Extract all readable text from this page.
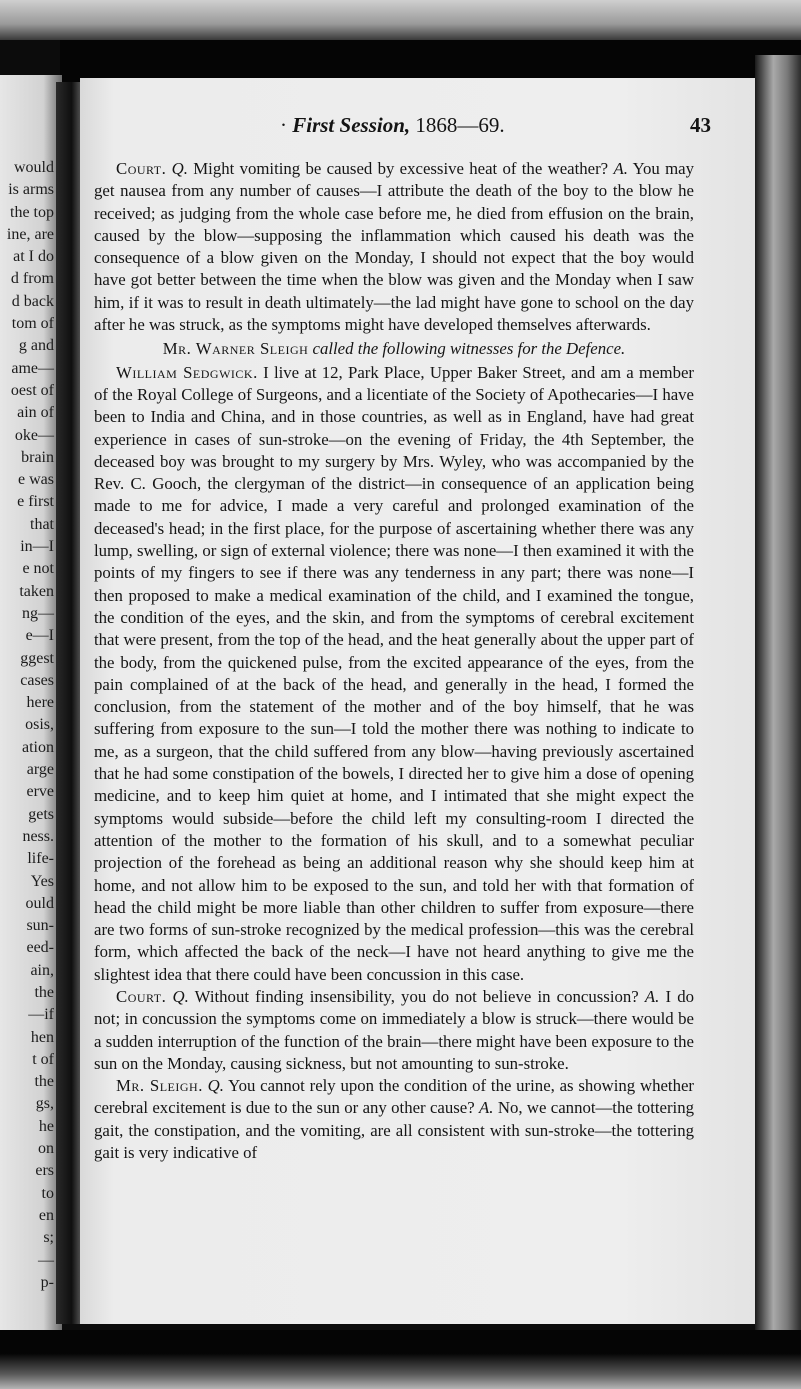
would
is arms
the top
ine, are
at I do
d from
d back
tom of
g and
ame—
oest of
ain of
oke—
brain
e was
e first
that
in—I
e not
taken
ng—
e—I
ggest
cases
here
osis,
ation
arge
erve
gets
ness.
life-
Yes
ould
sun-
eed-
ain,
the
—if
hen
t of
the
gs,
he
on
ers
to
en
s;
—
p-
· First Session, 1868—69.	43

Court. Q. Might vomiting be caused by excessive heat of the weather? A. You may get nausea from any number of causes—I attribute the death of the boy to the blow he received; as judging from the whole case before me, he died from effusion on the brain, caused by the blow—supposing the inflammation which caused his death was the consequence of a blow given on the Monday, I should not expect that the boy would have got better between the time when the blow was given and the Monday when I saw him, if it was to result in death ultimately—the lad might have gone to school on the day after he was struck, as the symptoms might have developed themselves afterwards.

Mr. Warner Sleigh called the following witnesses for the Defence.

William Sedgwick. I live at 12, Park Place, Upper Baker Street, and am a member of the Royal College of Surgeons, and a licentiate of the Society of Apothecaries—I have been to India and China, and in those countries, as well as in England, have had great experience in cases of sun-stroke—on the evening of Friday, the 4th September, the deceased boy was brought to my surgery by Mrs. Wyley, who was accompanied by the Rev. C. Gooch, the clergyman of the district—in consequence of an application being made to me for advice, I made a very careful and prolonged examination of the deceased's head; in the first place, for the purpose of ascertaining whether there was any lump, swelling, or sign of external violence; there was none—I then examined it with the points of my fingers to see if there was any tenderness in any part; there was none—I then proposed to make a medical examination of the child, and I examined the tongue, the condition of the eyes, and the skin, and from the symptoms of cerebral excitement that were present, from the top of the head, and the heat generally about the upper part of the body, from the quickened pulse, from the excited appearance of the eyes, from the pain complained of at the back of the head, and generally in the head, I formed the conclusion, from the statement of the mother and of the boy himself, that he was suffering from exposure to the sun—I told the mother there was nothing to indicate to me, as a surgeon, that the child suffered from any blow—having previously ascertained that he had some constipation of the bowels, I directed her to give him a dose of opening medicine, and to keep him quiet at home, and I intimated that she might expect the symptoms would subside—before the child left my consulting-room I directed the attention of the mother to the formation of his skull, and to a somewhat peculiar projection of the forehead as being an additional reason why she should keep him at home, and not allow him to be exposed to the sun, and told her with that formation of head the child might be more liable than other children to suffer from exposure—there are two forms of sun-stroke recognized by the medical profession—this was the cerebral form, which affected the back of the neck—I have not heard anything to give me the slightest idea that there could have been concussion in this case.

Court. Q. Without finding insensibility, you do not believe in concussion? A. I do not; in concussion the symptoms come on immediately a blow is struck—there would be a sudden interruption of the function of the brain—there might have been exposure to the sun on the Monday, causing sickness, but not amounting to sun-stroke.

Mr. Sleigh. Q. You cannot rely upon the condition of the urine, as showing whether cerebral excitement is due to the sun or any other cause? A. No, we cannot—the tottering gait, the constipation, and the vomiting, are all consistent with sun-stroke—the tottering gait is very indicative of
